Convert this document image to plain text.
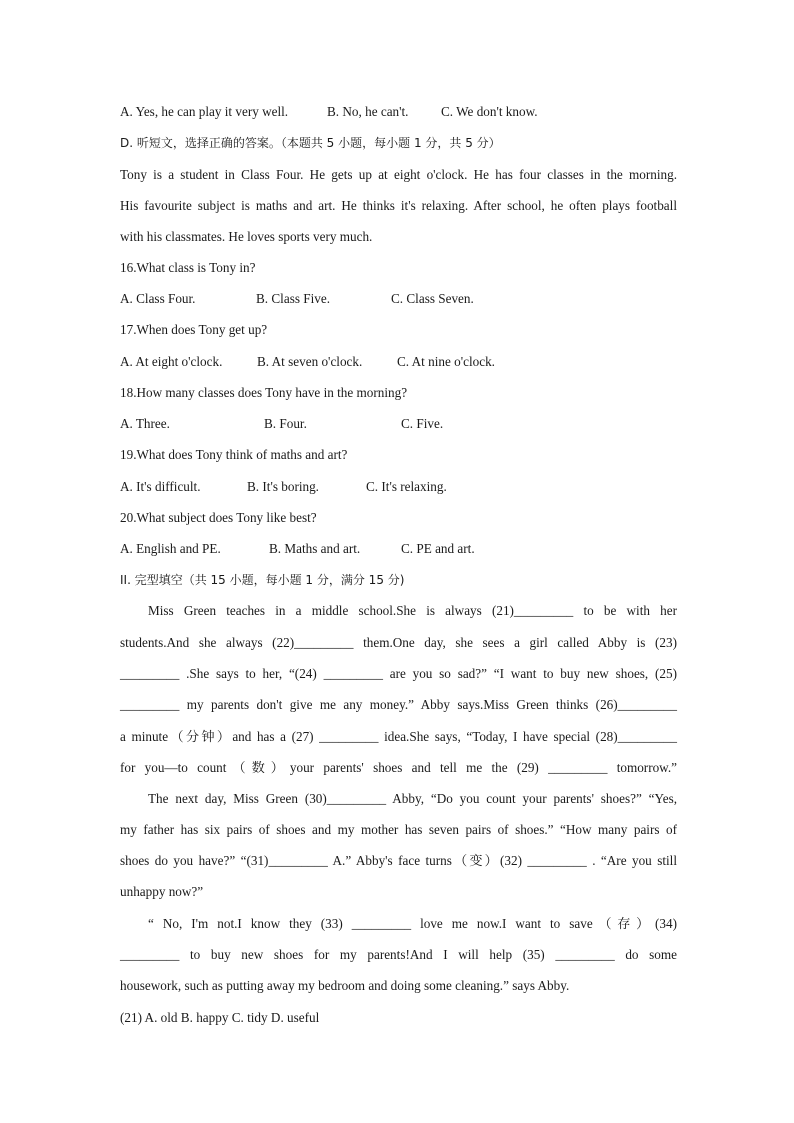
A. Yes, he can play it very well.	B. No, he can't. C. We don't know.
D. 听短文，选择正确的答案。（本题共 5 小题，每小题 1 分，共 5 分）
Tony is a student in Class Four. He gets up at eight o'clock. He has four classes in the morning.
His favourite subject is maths and art. He thinks it's relaxing. After school, he often plays football
with his classmates. He loves sports very much.
16.What class is Tony in?
A. Class Four.	B. Class Five.	C. Class Seven.
17.When does Tony get up?
A. At eight o'clock.	B. At seven o'clock.	C. At nine o'clock.
18.How many classes does Tony have in the morning?
A. Three.	B. Four.	C. Five.
19.What does Tony think of maths and art?
A. It's difficult.	B. It's boring.	C. It's relaxing.
20.What subject does Tony like best?
A. English and PE.	B. Maths and art.	C. PE and art.
II. 完型填空（共 15 小题，每小题 1 分，满分 15 分)
Miss Green teaches in a middle school.She is always (21)_________ to be with her
students.And she always (22)_________ them.One day, she sees a girl called Abby is (23)
_________ .She says to her, “(24) _________ are you so sad?” “I want to buy new shoes, (25)
_________ my parents don't give me any money.” Abby says.Miss Green thinks (26)_________
a minute（分钟）and has a (27) _________ idea.She says, “Today, I have special (28)_________
for you—to count（数）your parents' shoes and tell me the (29) _________ tomorrow.”
The next day, Miss Green (30)_________ Abby, “Do you count your parents' shoes?” “Yes,
my father has six pairs of shoes and my mother has seven pairs of shoes.” “How many pairs of
shoes do you have?” “(31)_________ A.” Abby's face turns（变）(32) _________ . “Are you still
unhappy now?”
“ No, I'm not.I know they (33) _________ love me now.I want to save（存）(34)
_________ to buy new shoes for my parents!And I will help (35) _________ do some
housework, such as putting away my bedroom and doing some cleaning.” says Abby.
(21) A. old B. happy C. tidy D. useful
